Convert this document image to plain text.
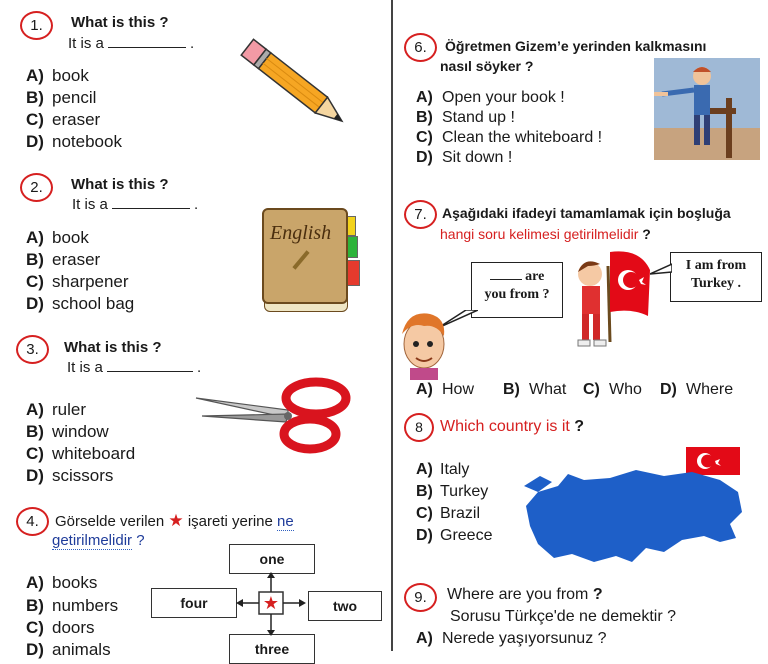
1.	What is this ?
It is a	.
A) book
B) pencil
C) eraser
D) notebook
2.	What is this ?
It is a	.
A) book
B) eraser
C) sharpener
D) school bag
English
3.	What is this ?
It is a	.
A) ruler
B) window
C) whiteboard
D) scissors
4.	Görselde verilen ★ işareti yerine ne
getirilmelidir ?
A) books
B) numbers
C) doors
D) animals
one
four	two
three
★
6.	Öğretmen Gizem’e yerinden kalkmasını
nasıl söyker ?
A) Open your book !
B) Stand up !
C) Clean the whiteboard !
D) Sit down !
7.	Aşağıdaki ifadeyi tamamlamak için boşluğa
hangi soru kelimesi getirilmelidir ?
are
you from ?
I am from
Turkey .
A) How B) What C) Who D) Where
8	Which country is it ?
A) Italy
B) Turkey
C) Brazil
D) Greece
9.	Where are you from ?
Sorusu Türkçe'de ne demektir ?
A) Nerede yaşıyorsunuz ?
